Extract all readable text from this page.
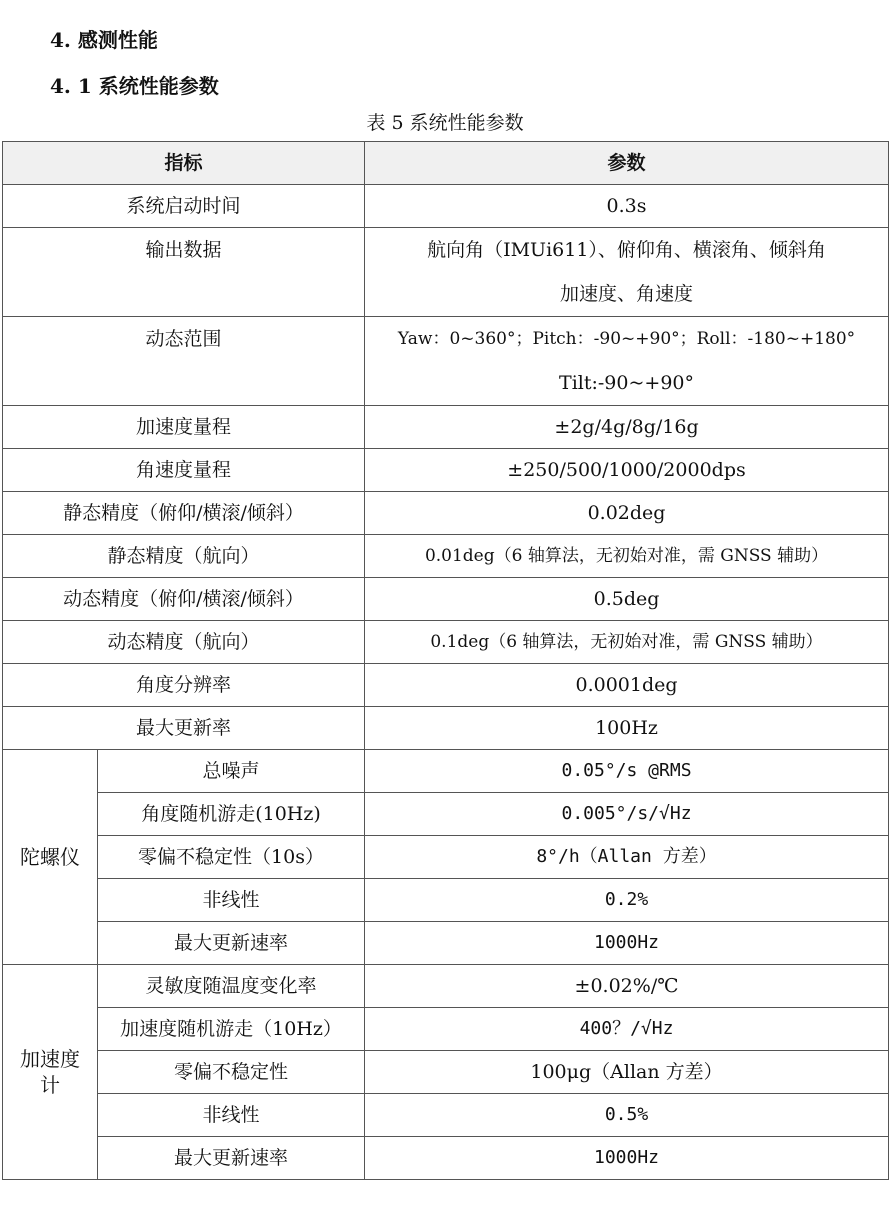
4. 感测性能

4. 1 系统性能参数

表 5 系统性能参数
指标		参数
系统启动时间		0.3s
输出数据		航向角（IMUi611）、俯仰角、横滚角、倾斜角
加速度、角速度

动态范围		Yaw：0~360°；Pitch：-90~+90°；Roll：-180~+180°
Tilt:-90~+90°

加速度量程		±2g/4g/8g/16g
角速度量程		±250/500/1000/2000dps
静态精度（俯仰/横滚/倾斜）		0.02deg
静态精度（航向）		0.01deg（6 轴算法，无初始对准，需 GNSS 辅助）
动态精度（俯仰/横滚/倾斜）		0.5deg
动态精度（航向）		0.1deg（6 轴算法，无初始对准，需 GNSS 辅助）
角度分辨率		0.0001deg
最大更新率		100Hz
陀螺仪	总噪声	0.05°/s @RMS
	角度随机游走(10Hz)	0.005°/s/√Hz
	零偏不稳定性（10s）	8°/h（Allan 方差）
	非线性	0.2%
	最大更新速率	1000Hz

加速度
计	灵敏度随温度变化率	±0.02%/℃
	加速度随机游走（10Hz）	400？/√Hz
	零偏不稳定性	100μg（Allan 方差）
	非线性	0.5%
	最大更新速率	1000Hz
